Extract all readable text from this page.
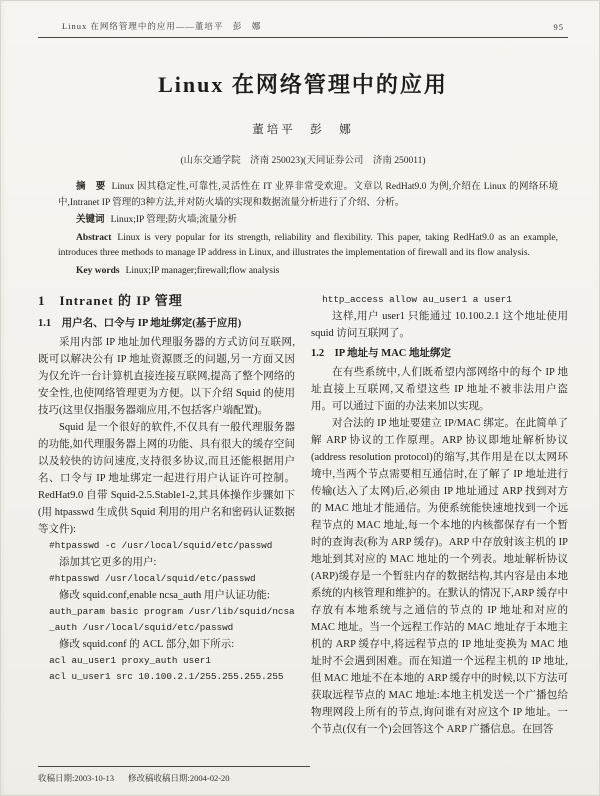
Linux 在网络管理中的应用——董培平　彭　娜	95
Linux 在网络管理中的应用
董培平　彭　娜
(山东交通学院　济南 250023)(天同证券公司　济南 250011)

摘　要 Linux 因其稳定性,可靠性,灵活性在 IT 业界非常受欢迎。文章以 RedHat9.0 为例,介绍在 Linux 的网络环境中,Intranet IP 管理的3种方法,并对防火墙的实现和数据流量分析进行了介绍、分析。

关键词 Linux;IP 管理;防火墙;流量分析

Abstract Linux is very popular for its strength, reliability and flexibility. This paper, taking RedHat9.0 as an example, introduces three methods to manage IP address in Linux, and illustrates the implementation of firewall and its flow analysis.

Key words Linux;IP manager;firewall;flow analysis

1　Intranet 的 IP 管理
1.1　用户名、口令与 IP 地址绑定(基于应用)

采用内部 IP 地址加代理服务器的方式访问互联网,既可以解决公有 IP 地址资源匮乏的问题,另一方面又因为仅允许一台计算机直接连接互联网,提高了整个网络的安全性,也使网络管理更为方便。以下介绍 Squid 的使用技巧(这里仅指服务器端应用,不包括客户端配置)。

Squid 是一个很好的软件,不仅具有一般代理服务器的功能,如代理服务器上网的功能、具有很大的缓存空间以及较快的访问速度,支持很多协议,而且还能根据用户名、口令与 IP 地址绑定一起进行用户认证许可控制。RedHat9.0 自带 Squid-2.5.Stable1-2,其具体操作步骤如下(用 htpasswd 生成供 Squid 利用的用户名和密码认证数据等文件):

#htpasswd -c /usr/local/squid/etc/passwd

添加其它更多的用户:

#htpasswd /usr/local/squid/etc/passwd

修改 squid.conf,enable ncsa_auth 用户认证功能:

auth_param basic program /usr/lib/squid/ncsa_auth /usr/local/squid/etc/passwd

修改 squid.conf 的 ACL 部分,如下所示:

acl au_user1 proxy_auth user1

acl u_user1 src 10.100.2.1/255.255.255.255

http_access allow au_user1 a user1

这样,用户 user1 只能通过 10.100.2.1 这个地址使用 squid 访问互联网了。

1.2　IP 地址与 MAC 地址绑定

在有些系统中,人们既希望内部网络中的每个 IP 地址直接上互联网,又希望这些 IP 地址不被非法用户盗用。可以通过下面的办法来加以实现。

对合法的 IP 地址要建立 IP/MAC 绑定。在此简单了解 ARP 协议的工作原理。ARP 协议即地址解析协议(address resolution protocol)的缩写,其作用是在以太网环境中,当两个节点需要相互通信时,在了解了 IP 地址进行传输(达入了太网)后,必须由 IP 地址通过 ARP 找到对方的 MAC 地址才能通信。为使系统能快速地找到一个远程节点的 MAC 地址,每一个本地的内核都保存有一个暂时的查询表(称为 ARP 缓存)。ARP 中存放射该主机的 IP 地址到其对应的 MAC 地址的一个列表。地址解析协议(ARP)缓存是一个暂驻内存的数据结构,其内容是由本地系统的内核管理和维护的。在默认的情况下,ARP 缓存中存放有本地系统与之通信的节点的 IP 地址和对应的 MAC 地址。当一个远程工作站的 MAC 地址存于本地主机的 ARP 缓存中,将远程节点的 IP 地址变换为 MAC 地址时不会遇到困难。而在知道一个远程主机的 IP 地址,但 MAC 地址不在本地的 ARP 缓存中的时候,以下方法可获取远程节点的 MAC 地址:本地主机发送一个广播包给物理网段上所有的节点,询问谁有对应这个 IP 地址。一个节点(仅有一个)会回答这个 ARP 广播信息。在回答

收稿日期:2003-10-13 修改稿收稿日期:2004-02-20
